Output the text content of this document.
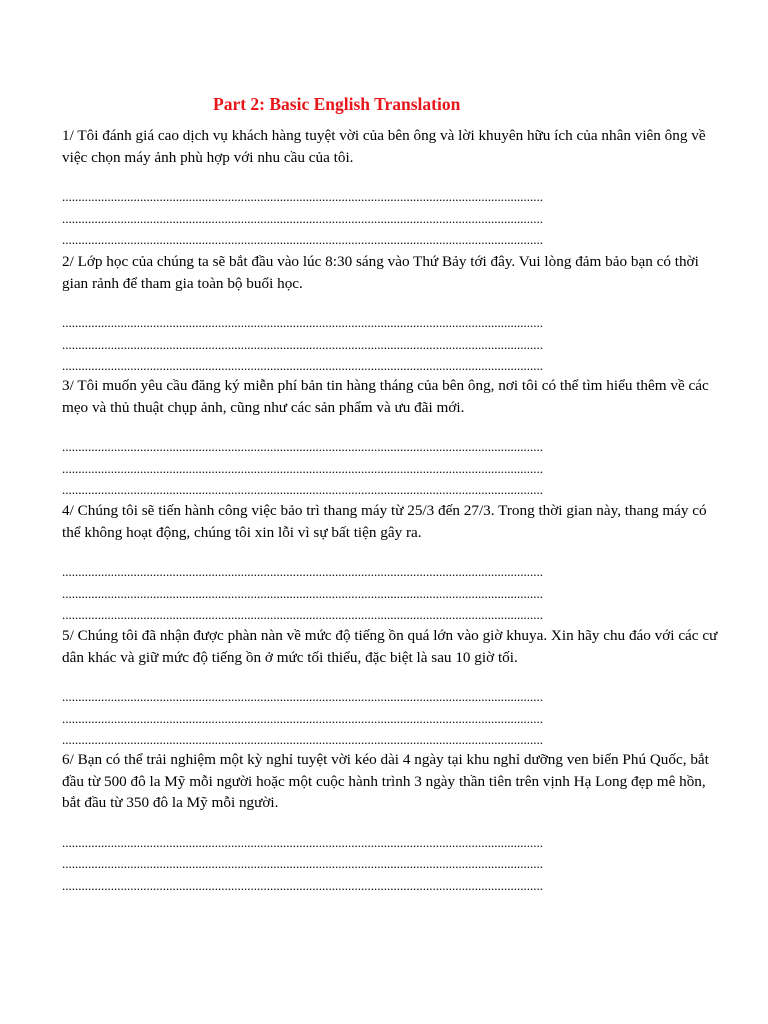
Part 2: Basic English Translation

1/ Tôi đánh giá cao dịch vụ khách hàng tuyệt vời của bên ông và lời khuyên hữu ích của nhân viên ông về việc chọn máy ảnh phù hợp với nhu cầu của tôi.

....................................................................................................................................................
....................................................................................................................................................
....................................................................................................................................................

2/ Lớp học của chúng ta sẽ bắt đầu vào lúc 8:30 sáng vào Thứ Bảy tới đây. Vui lòng đảm bảo bạn có thời gian rảnh để tham gia toàn bộ buổi học.

....................................................................................................................................................
....................................................................................................................................................
....................................................................................................................................................

3/ Tôi muốn yêu cầu đăng ký miễn phí bản tin hàng tháng của bên ông, nơi tôi có thể tìm hiểu thêm về các mẹo và thủ thuật chụp ảnh, cũng như các sản phẩm và ưu đãi mới.

....................................................................................................................................................
....................................................................................................................................................
....................................................................................................................................................

4/ Chúng tôi sẽ tiến hành công việc bảo trì thang máy từ 25/3 đến 27/3. Trong thời gian này, thang máy có thể không hoạt động, chúng tôi xin lỗi vì sự bất tiện gây ra.

....................................................................................................................................................
....................................................................................................................................................
....................................................................................................................................................

5/ Chúng tôi đã nhận được phàn nàn về mức độ tiếng ồn quá lớn vào giờ khuya. Xin hãy chu đáo với các cư dân khác và giữ mức độ tiếng ồn ở mức tối thiểu, đặc biệt là sau 10 giờ tối.

....................................................................................................................................................
....................................................................................................................................................
....................................................................................................................................................

6/ Bạn có thể trải nghiệm một kỳ nghỉ tuyệt vời kéo dài 4 ngày tại khu nghỉ dưỡng ven biển Phú Quốc, bắt đầu từ 500 đô la Mỹ mỗi người hoặc một cuộc hành trình 3 ngày thần tiên trên vịnh Hạ Long đẹp mê hồn, bắt đầu từ 350 đô la Mỹ mỗi người.

....................................................................................................................................................
....................................................................................................................................................
....................................................................................................................................................
